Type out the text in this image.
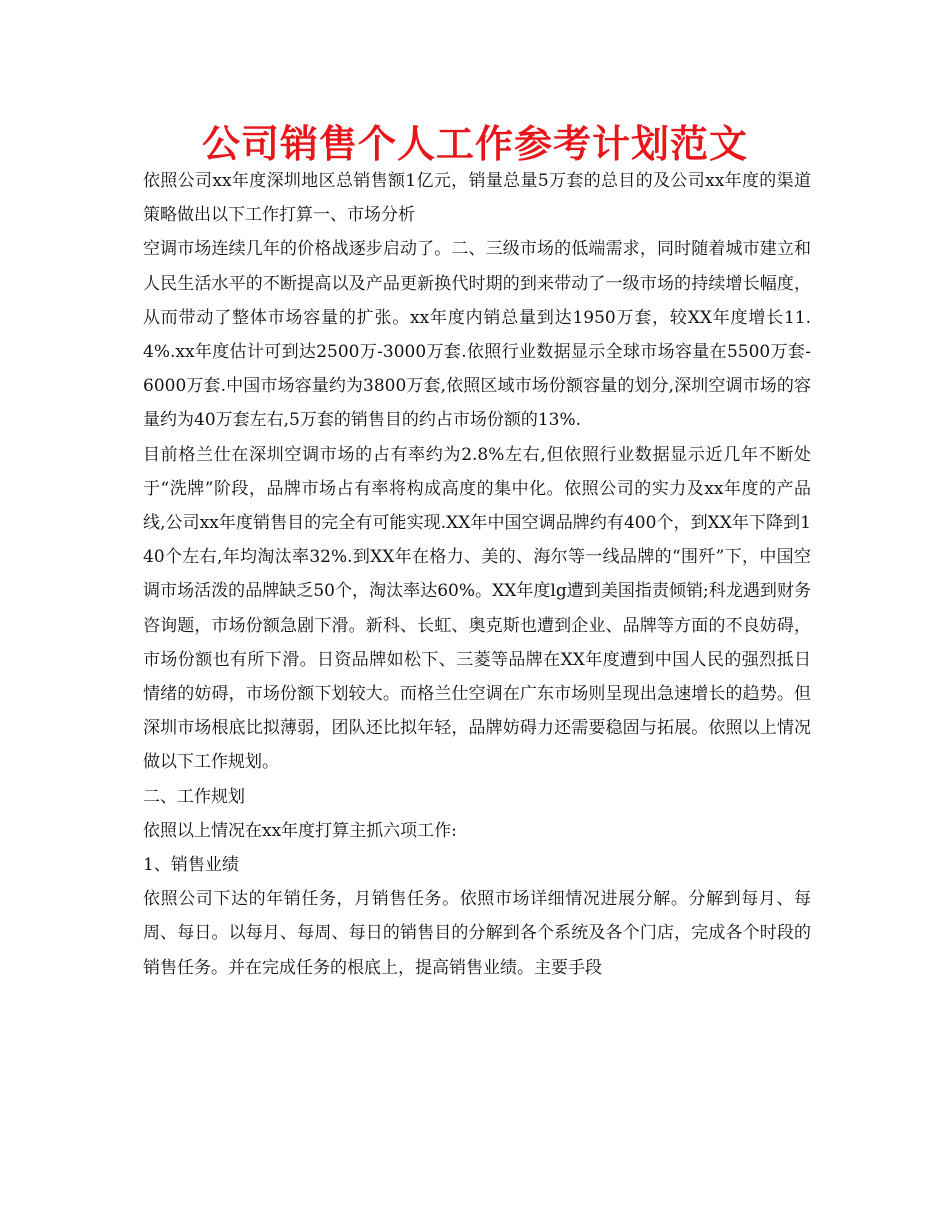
公司销售个人工作参考计划范文

依照公司xx年度深圳地区总销售额1亿元，销量总量5万套的总目的及公司xx年度的渠道策略做出以下工作打算一、市场分析

空调市场连续几年的价格战逐步启动了。二、三级市场的低端需求，同时随着城市建立和人民生活水平的不断提高以及产品更新换代时期的到来带动了一级市场的持续增长幅度，从而带动了整体市场容量的扩张。xx年度内销总量到达1950万套，较XX年度增长11.4%.xx年度估计可到达2500万-3000万套.依照行业数据显示全球市场容量在5500万套-6000万套.中国市场容量约为3800万套,依照区域市场份额容量的划分,深圳空调市场的容量约为40万套左右,5万套的销售目的约占市场份额的13%.

目前格兰仕在深圳空调市场的占有率约为2.8%左右,但依照行业数据显示近几年不断处于“洗牌”阶段，品牌市场占有率将构成高度的集中化。依照公司的实力及xx年度的产品线,公司xx年度销售目的完全有可能实现.XX年中国空调品牌约有400个，到XX年下降到140个左右,年均淘汰率32%.到XX年在格力、美的、海尔等一线品牌的“围歼”下，中国空调市场活泼的品牌缺乏50个，淘汰率达60%。XX年度lg遭到美国指责倾销;科龙遇到财务咨询题，市场份额急剧下滑。新科、长虹、奥克斯也遭到企业、品牌等方面的不良妨碍，市场份额也有所下滑。日资品牌如松下、三菱等品牌在XX年度遭到中国人民的强烈抵日情绪的妨碍，市场份额下划较大。而格兰仕空调在广东市场则呈现出急速增长的趋势。但深圳市场根底比拟薄弱，团队还比拟年轻，品牌妨碍力还需要稳固与拓展。依照以上情况做以下工作规划。

二、工作规划

依照以上情况在xx年度打算主抓六项工作:

1、销售业绩

依照公司下达的年销任务，月销售任务。依照市场详细情况进展分解。分解到每月、每周、每日。以每月、每周、每日的销售目的分解到各个系统及各个门店，完成各个时段的销售任务。并在完成任务的根底上，提高销售业绩。主要手段
